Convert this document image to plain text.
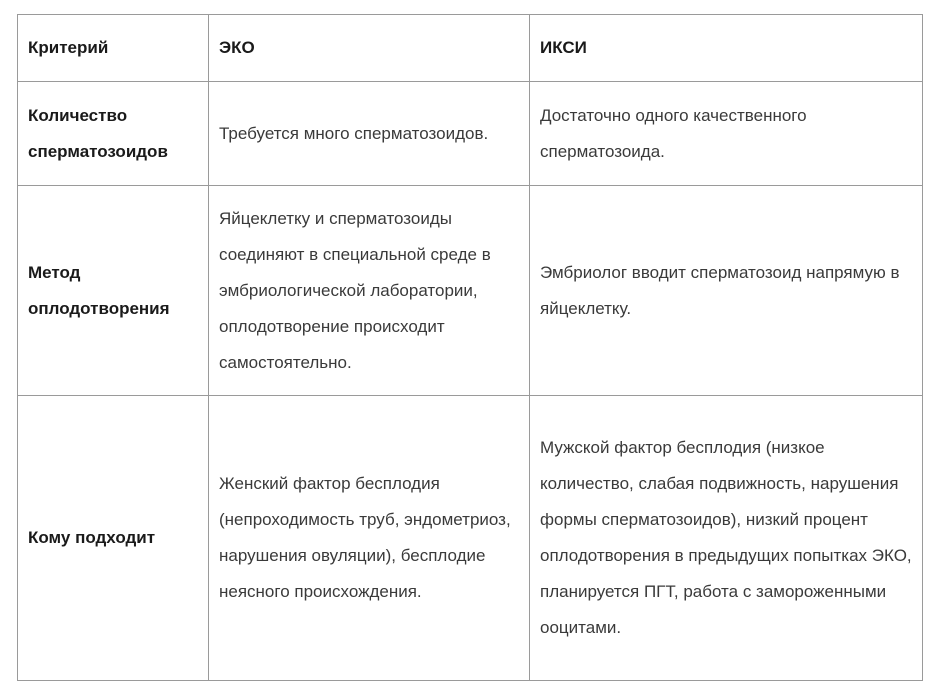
Критерий	ЭКО	ИКСИ
Количество сперматозоидов	Требуется много сперматозоидов.	Достаточно одного качественного сперматозоида.
Метод оплодотворения	Яйцеклетку и сперматозоиды соединяют в специальной среде в эмбриологической лаборатории, оплодотворение происходит самостоятельно.	Эмбриолог вводит сперматозоид напрямую в яйцеклетку.
Кому подходит	Женский фактор бесплодия (непроходимость труб, эндометриоз, нарушения овуляции), бесплодие неясного происхождения.	Мужской фактор бесплодия (низкое количество, слабая подвижность, нарушения формы сперматозоидов), низкий процент оплодотворения в предыдущих попытках ЭКО, планируется ПГТ, работа с замороженными ооцитами.
